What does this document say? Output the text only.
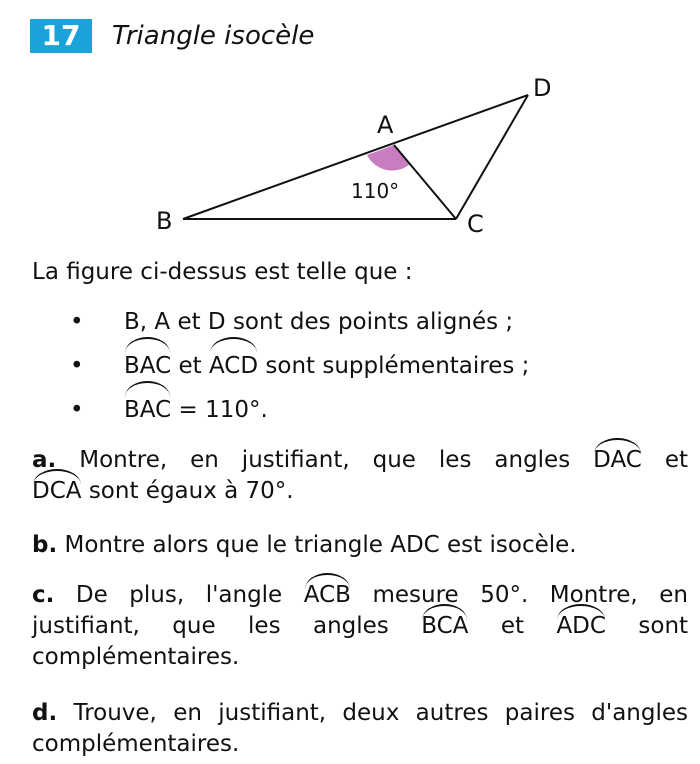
17	Triangle isocèle
A
B	C
D
110°
La figure ci-dessus est telle que :
• B, A et D sont des points alignés ;
• BAC et ACD sont supplémentaires ;
• BAC = 110°.
a. Montre, en justifiant, que les angles DAC et
DCA sont égaux à 70°.
b. Montre alors que le triangle ADC est isocèle.
c. De plus, l'angle ACB mesure 50°. Montre, en justifiant, que les angles BCA et ADC sont complémentaires.
d. Trouve, en justifiant, deux autres paires d'angles complémentaires.
